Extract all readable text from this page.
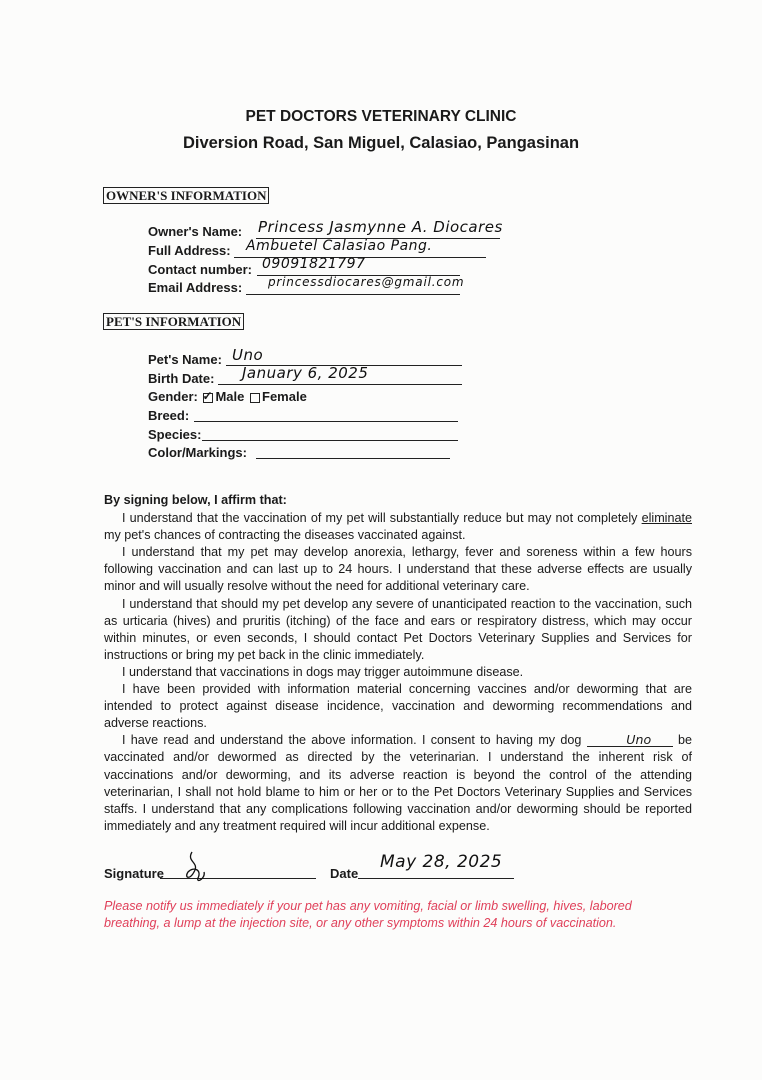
PET DOCTORS VETERINARY CLINIC
Diversion Road, San Miguel, Calasiao, Pangasinan
OWNER'S INFORMATION
Owner's Name: Princess Jasmynne A. Diocares
Full Address: Ambuetel Calasiao Pang.
Contact number: 09091821797
Email Address: princessdiocares@gmail.com
PET'S INFORMATION
Pet's Name: Uno
Birth Date: January 6, 2025
Gender: ✓ Male Female
Breed:
Species:
Color/Markings:

By signing below, I affirm that:

I understand that the vaccination of my pet will substantially reduce but may not completely eliminate my pet's chances of contracting the diseases vaccinated against.

I understand that my pet may develop anorexia, lethargy, fever and soreness within a few hours following vaccination and can last up to 24 hours. I understand that these adverse effects are usually minor and will usually resolve without the need for additional veterinary care.

I understand that should my pet develop any severe of unanticipated reaction to the vaccination, such as urticaria (hives) and pruritis (itching) of the face and ears or respiratory distress, which may occur within minutes, or even seconds, I should contact Pet Doctors Veterinary Supplies and Services for instructions or bring my pet back in the clinic immediately.

I understand that vaccinations in dogs may trigger autoimmune disease.

I have been provided with information material concerning vaccines and/or deworming that are intended to protect against disease incidence, vaccination and deworming recommendations and adverse reactions.

I have read and understand the above information. I consent to having my dog	Uno be vaccinated and/or dewormed as directed by the veterinarian. I understand the inherent risk of vaccinations and/or deworming, and its adverse reaction is beyond the control of the attending veterinarian, I shall not hold blame to him or her or to the Pet Doctors Veterinary Supplies and Services staffs. I understand that any complications following vaccination and/or deworming should be reported immediately and any treatment required will incur additional expense.

Signature	Date
May 28, 2025
Please notify us immediately if your pet has any vomiting, facial or limb swelling, hives, labored breathing, a lump at the injection site, or any other symptoms within 24 hours of vaccination.
